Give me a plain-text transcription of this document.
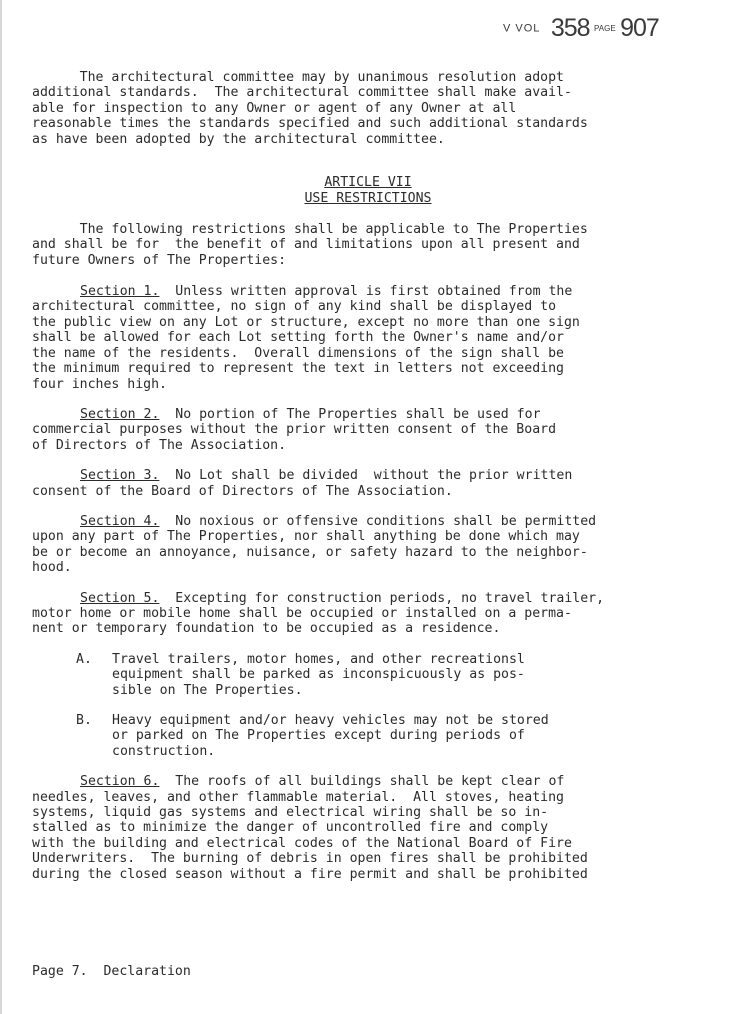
V VOL 358 PAGE 907

The architectural committee may by unanimous resolution adopt

additional standards.  The architectural committee shall make avail-

able for inspection to any Owner or agent of any Owner at all

reasonable times the standards specified and such additional standards

as have been adopted by the architectural committee.

ARTICLE VII

USE RESTRICTIONS

The following restrictions shall be applicable to The Properties

and shall be for  the benefit of and limitations upon all present and

future Owners of The Properties:

Section 1.  Unless written approval is first obtained from the

architectural committee, no sign of any kind shall be displayed to

the public view on any Lot or structure, except no more than one sign

shall be allowed for each Lot setting forth the Owner's name and/or

the name of the residents.  Overall dimensions of the sign shall be

the minimum required to represent the text in letters not exceeding

four inches high.

Section 2.  No portion of The Properties shall be used for

commercial purposes without the prior written consent of the Board

of Directors of The Association.

Section 3.  No Lot shall be divided  without the prior written

consent of the Board of Directors of The Association.

Section 4.  No noxious or offensive conditions shall be permitted

upon any part of The Properties, nor shall anything be done which may

be or become an annoyance, nuisance, or safety hazard to the neighbor-

hood.

Section 5.  Excepting for construction periods, no travel trailer,

motor home or mobile home shall be occupied or installed on a perma-

nent or temporary foundation to be occupied as a residence.

A.	Travel trailers, motor homes, and other recreationsl

equipment shall be parked as inconspicuously as pos-

sible on The Properties.

B.	Heavy equipment and/or heavy vehicles may not be stored

or parked on The Properties except during periods of

construction.

Section 6.  The roofs of all buildings shall be kept clear of

needles, leaves, and other flammable material.  All stoves, heating

systems, liquid gas systems and electrical wiring shall be so in-

stalled as to minimize the danger of uncontrolled fire and comply

with the building and electrical codes of the National Board of Fire

Underwriters.  The burning of debris in open fires shall be prohibited

during the closed season without a fire permit and shall be prohibited

Page 7.  Declaration
